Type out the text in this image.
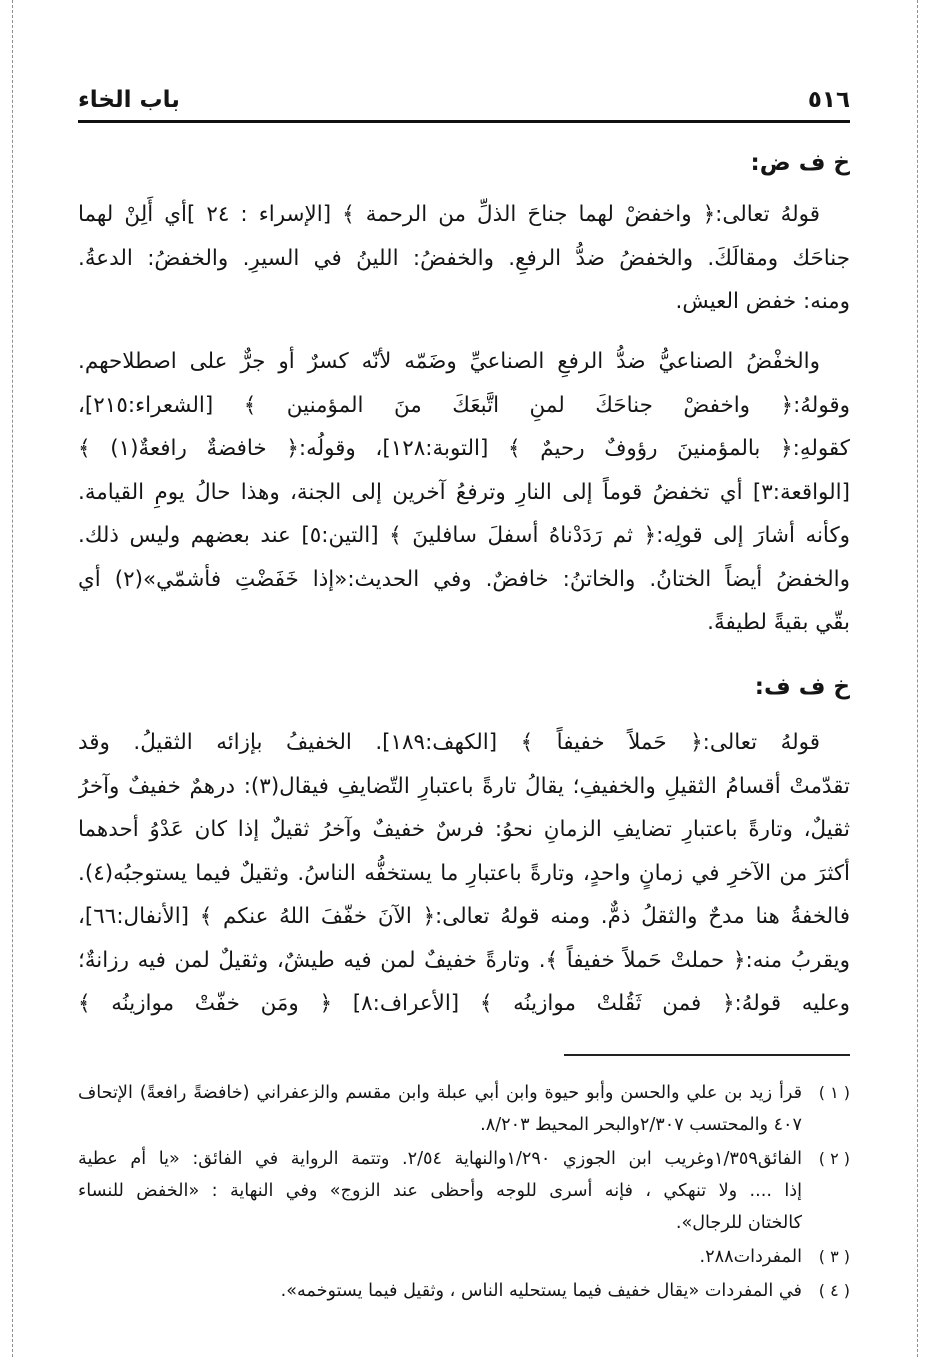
٥١٦
باب الخاء
خ ف ض:
قولهُ تعالى:﴿ واخفضْ لهما جناحَ الذلِّ من الرحمة ﴾ [الإسراء : ٢٤ ]أي أَلِنْ لهما
جناحَك ومقالَكَ. والخفضُ ضدُّ الرفعِ. والخفضُ: اللينُ في السيرِ. والخفضُ: الدعةُ.
ومنه: خفض العيش.
والخفْضُ الصناعيُّ ضدُّ الرفعِ الصناعيِّ وضَمّه لأنّه كسرٌ أو جرٌّ على اصطلاحهم.
وقولهُ:﴿ واخفضْ جناحَكَ لمنِ اتَّبعَكَ منَ المؤمنين ﴾ [الشعراء:٢١٥]،
كقولهِ:﴿ بالمؤمنينَ رؤوفٌ رحيمٌ ﴾ [التوبة:١٢٨]، وقولُه:﴿ خافضةٌ رافعةٌ(١) ﴾
[الواقعة:٣] أي تخفضُ قوماً إلى النارِ وترفعُ آخرين إلى الجنة، وهذا حالُ يومِ القيامة.
وكأنه أشارَ إلى قولِه:﴿ ثم رَدَدْناهُ أسفلَ سافلينَ ﴾ [التين:٥] عند بعضهم وليس ذلك.
والخفضُ أيضاً الختانُ. والخاتنُ: خافضٌ. وفي الحديث:«إذا خَفَضْتِ فأشمّي»(٢) أي
بقّي بقيةً لطيفةً.
خ ف ف:
قولهُ تعالى:﴿ حَملاً خفيفاً ﴾ [الكهف:١٨٩]. الخفيفُ بإزائه الثقيلُ. وقد
تقدّمتْ أقسامُ الثقيلِ والخفيفِ؛ يقالُ تارةً باعتبارِ التّضايفِ فيقال(٣): درهمٌ خفيفٌ وآخرُ
ثقيلٌ، وتارةً باعتبارِ تضايفِ الزمانِ نحوُ: فرسٌ خفيفٌ وآخرُ ثقيلٌ إذا كان عَدْوُ أحدهما
أكثرَ من الآخرِ في زمانٍ واحدٍ، وتارةً باعتبارِ ما يستخفُّه الناسُ. وثقيلٌ فيما يستوجبُه(٤).
فالخفةُ هنا مدحٌ والثقلُ ذمٌّ. ومنه قولهُ تعالى:﴿ الآنَ خفّفَ اللهُ عنكم ﴾ [الأنفال:٦٦]،
ويقربُ منه:﴿ حملتْ حَملاً خفيفاً ﴾. وتارةً خفيفٌ لمن فيه طيشٌ، وثقيلٌ لمن فيه رزانةٌ؛
وعليه قولهُ:﴿ فمن ثَقُلتْ موازينُه ﴾ [الأعراف:٨] ﴿ ومَن خفّتْ موازينُه ﴾
( ١ )
قرأ زيد بن علي والحسن وأبو حيوة وابن أبي عبلة وابن مقسم والزعفراني (خافضةً رافعةً) الإتحاف
٤٠٧ والمحتسب ٢/٣٠٧والبحر المحيط ٨/٢٠٣.
( ٢ )
الفائق١/٣٥٩وغريب ابن الجوزي ١/٢٩٠والنهاية ٢/٥٤. وتتمة الرواية في الفائق: «يا أم عطية
إذا .... ولا تنهكي ، فإنه أسرى للوجه وأحظى عند الزوج» وفي النهاية : «الخفض للنساء
كالختان للرجال».
( ٣ )
المفردات٢٨٨.
( ٤ )
في المفردات «يقال خفيف فيما يستحليه الناس ، وثقيل فيما يستوخمه».
